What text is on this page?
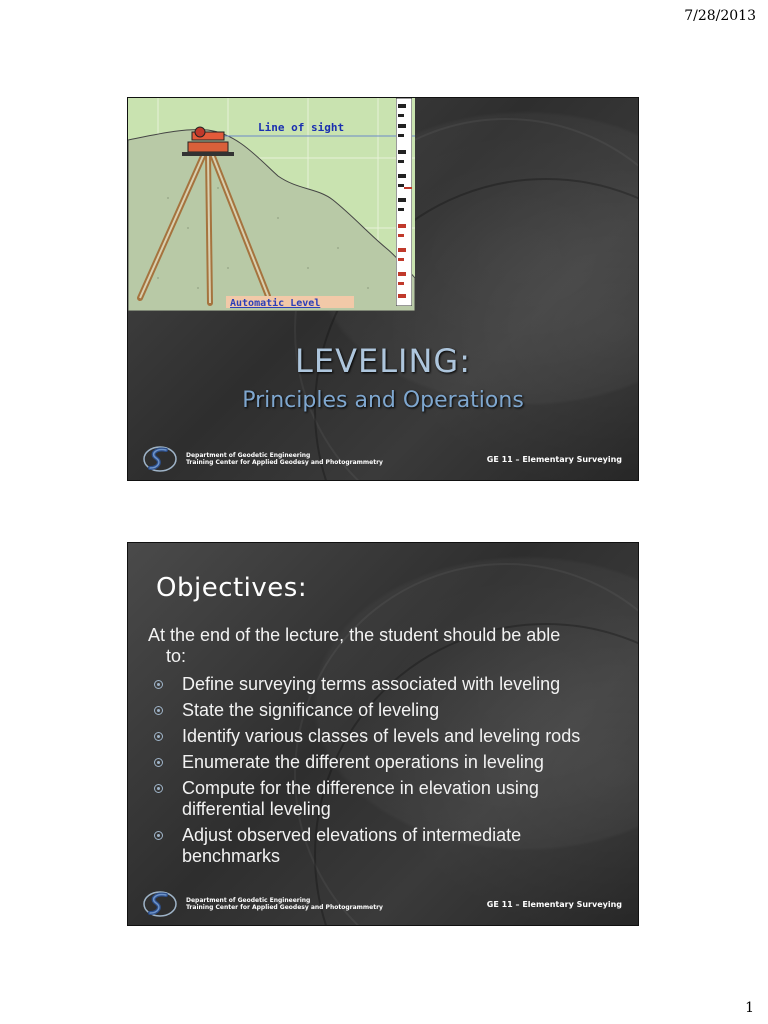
7/28/2013
Line of sight
Automatic Level
LEVELING:
Principles and Operations
Department of Geodetic Engineering
Training Center for Applied Geodesy and Photogrammetry	GE 11 – Elementary Surveying
Objectives:
At the end of the lecture, the student should be able
to:
Define surveying terms associated with leveling
State the significance of leveling
Identify various classes of levels and leveling rods
Enumerate the different operations in leveling
Compute for the difference in elevation using differential leveling
Adjust observed elevations of intermediate benchmarks
Department of Geodetic Engineering
Training Center for Applied Geodesy and Photogrammetry	GE 11 – Elementary Surveying
1
